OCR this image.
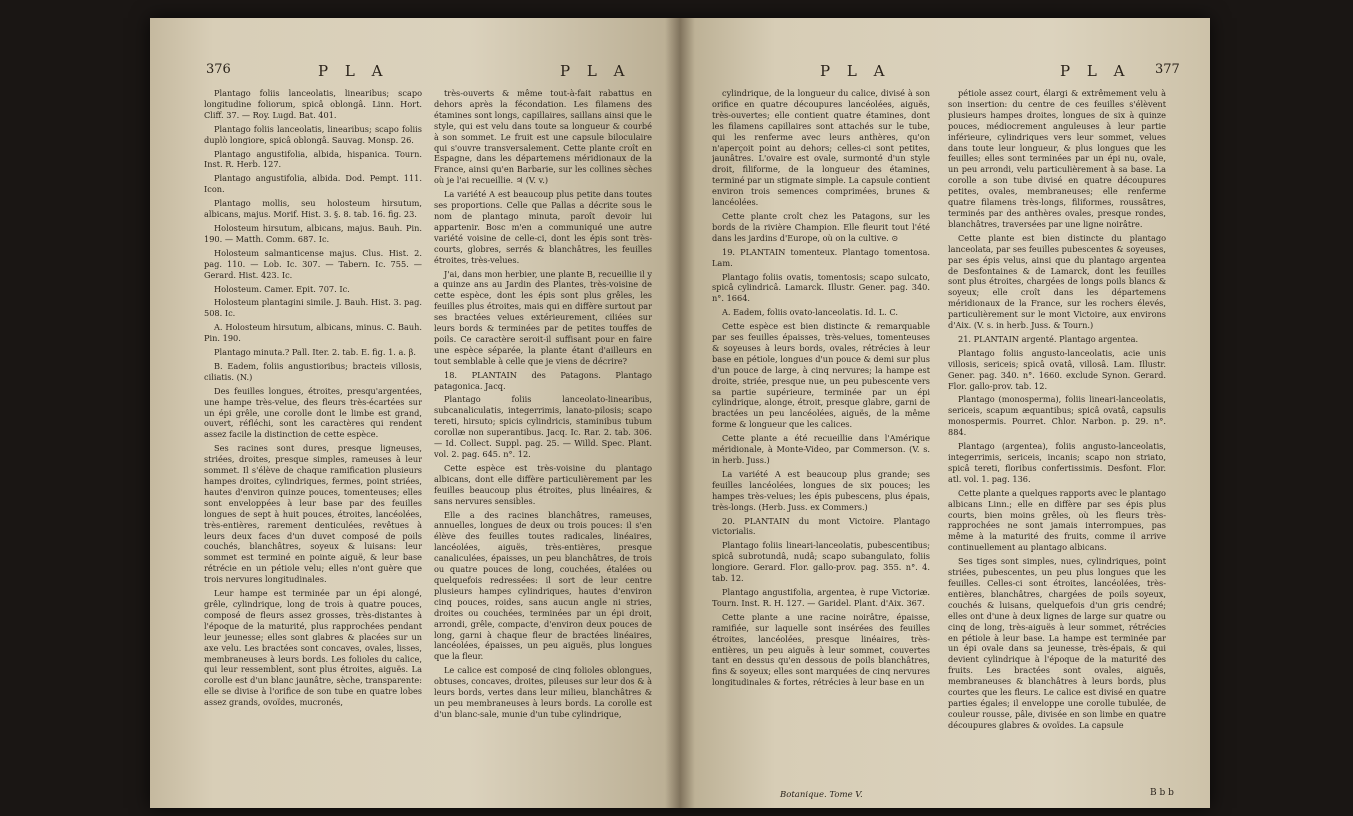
376	P L A	P L A

Plantago foliis lanceolatis, linearibus; scapo longitudine foliorum, spicâ oblongâ. Linn. Hort. Cliff. 37. — Roy. Lugd. Bat. 401.

Plantago foliis lanceolatis, linearibus; scapo foliis duplò longiore, spicâ oblongâ. Sauvag. Monsp. 26.

Plantago angustifolia, albida, hispanica. Tourn. Inst. R. Herb. 127.

Plantago angustifolia, albida. Dod. Pempt. 111. Icon.

Plantago mollis, seu holosteum hirsutum, albicans, majus. Morif. Hist. 3. §. 8. tab. 16. fig. 23.

Holosteum hirsutum, albicans, majus. Bauh. Pin. 190. — Matth. Comm. 687. Ic.

Holosteum salmanticense majus. Clus. Hist. 2. pag. 110. — Lob. Ic. 307. — Tabern. Ic. 755. — Gerard. Hist. 423. Ic.

Holosteum. Camer. Epit. 707. Ic.

Holosteum plantagini simile. J. Bauh. Hist. 3. pag. 508. Ic.

A. Holosteum hirsutum, albicans, minus. C. Bauh. Pin. 190.

Plantago minuta.? Pall. Iter. 2. tab. E. fig. 1. a. β.

B. Eadem, foliis angustioribus; bracteis villosis, ciliatis. (N.)

Des feuilles longues, étroites, presqu'argentées, une hampe très-velue, des fleurs très-écartées sur un épi grêle, une corolle dont le limbe est grand, ouvert, réfléchi, sont les caractères qui rendent assez facile la distinction de cette espèce.

Ses racines sont dures, presque ligneuses, striées, droites, presque simples, rameuses à leur sommet. Il s'élève de chaque ramification plusieurs hampes droites, cylindriques, fermes, point striées, hautes d'environ quinze pouces, tomenteuses; elles sont enveloppées à leur base par des feuilles longues de sept à huit pouces, étroites, lancéolées, très-entières, rarement denticulées, revêtues à leurs deux faces d'un duvet composé de poils couchés, blanchâtres, soyeux & luisans: leur sommet est terminé en pointe aiguë, & leur base rétrécie en un pétiole velu; elles n'ont guère que trois nervures longitudinales.

Leur hampe est terminée par un épi alongé, grêle, cylindrique, long de trois à quatre pouces, composé de fleurs assez grosses, très-distantes à l'époque de la maturité, plus rapprochées pendant leur jeunesse; elles sont glabres & placées sur un axe velu. Les bractées sont concaves, ovales, lisses, membraneuses à leurs bords. Les folioles du calice, qui leur ressemblent, sont plus étroites, aiguës. La corolle est d'un blanc jaunâtre, sèche, transparente: elle se divise à l'orifice de son tube en quatre lobes assez grands, ovoïdes, mucronés,

très-ouverts & même tout-à-fait rabattus en dehors après la fécondation. Les filamens des étamines sont longs, capillaires, saillans ainsi que le style, qui est velu dans toute sa longueur & courbé à son sommet. Le fruit est une capsule biloculaire qui s'ouvre transversalement. Cette plante croît en Espagne, dans les départemens méridionaux de la France, ainsi qu'en Barbarie, sur les collines sèches où je l'ai recueillie. ♃ (V. v.)

La variété A est beaucoup plus petite dans toutes ses proportions. Celle que Pallas a décrite sous le nom de plantago minuta, paroît devoir lui appartenir. Bosc m'en a communiqué une autre variété voisine de celle-ci, dont les épis sont très-courts, globres, serrés & blanchâtres, les feuilles étroites, très-velues.

J'ai, dans mon herbier, une plante B, recueillie il y a quinze ans au Jardin des Plantes, très-voisine de cette espèce, dont les épis sont plus grêles, les feuilles plus étroites, mais qui en diffère surtout par ses bractées velues extérieurement, ciliées sur leurs bords & terminées par de petites touffes de poils. Ce caractère seroit-il suffisant pour en faire une espèce séparée, la plante étant d'ailleurs en tout semblable à celle que je viens de décrire?

18. PLANTAIN des Patagons. Plantago patagonica. Jacq.

Plantago foliis lanceolato-linearibus, subcanaliculatis, integerrimis, lanato-pilosis; scapo tereti, hirsuto; spicis cylindricis, staminibus tubum corollæ non superantibus. Jacq. Ic. Rar. 2. tab. 306. — Id. Collect. Suppl. pag. 25. — Willd. Spec. Plant. vol. 2. pag. 645. n°. 12.

Cette espèce est très-voisine du plantago albicans, dont elle diffère particulièrement par les feuilles beaucoup plus étroites, plus linéaires, & sans nervures sensibles.

Elle a des racines blanchâtres, rameuses, annuelles, longues de deux ou trois pouces: il s'en élève des feuilles toutes radicales, linéaires, lancéolées, aiguës, très-entières, presque canaliculées, épaisses, un peu blanchâtres, de trois ou quatre pouces de long, couchées, étalées ou quelquefois redressées: il sort de leur centre plusieurs hampes cylindriques, hautes d'environ cinq pouces, roides, sans aucun angle ni stries, droites ou couchées, terminées par un épi droit, arrondi, grêle, compacte, d'environ deux pouces de long, garni à chaque fleur de bractées linéaires, lancéolées, épaisses, un peu aiguës, plus longues que la fleur.

Le calice est composé de cinq folioles oblongues, obtuses, concaves, droites, pileuses sur leur dos & à leurs bords, vertes dans leur milieu, blanchâtres & un peu membraneuses à leurs bords. La corolle est d'un blanc-sale, munie d'un tube cylindrique,

P L A	P L A 377

cylindrique, de la longueur du calice, divisé à son orifice en quatre découpures lancéolées, aiguës, très-ouvertes; elle contient quatre étamines, dont les filamens capillaires sont attachés sur le tube, qui les renferme avec leurs anthères, qu'on n'aperçoit point au dehors; celles-ci sont petites, jaunâtres. L'ovaire est ovale, surmonté d'un style droit, filiforme, de la longueur des étamines, terminé par un stigmate simple. La capsule contient environ trois semences comprimées, brunes & lancéolées.

Cette plante croît chez les Patagons, sur les bords de la rivière Champion. Elle fleurit tout l'été dans les jardins d'Europe, où on la cultive. ⊙

19. PLANTAIN tomenteux. Plantago tomentosa. Lam.

Plantago foliis ovatis, tomentosis; scapo sulcato, spicâ cylindricâ. Lamarck. Illustr. Gener. pag. 340. n°. 1664.

A. Eadem, foliis ovato-lanceolatis. Id. L. C.

Cette espèce est bien distincte & remarquable par ses feuilles épaisses, très-velues, tomenteuses & soyeuses à leurs bords, ovales, rétrécies à leur base en pétiole, longues d'un pouce & demi sur plus d'un pouce de large, à cinq nervures; la hampe est droite, striée, presque nue, un peu pubescente vers sa partie supérieure, terminée par un épi cylindrique, alonge, étroit, presque glabre, garni de bractées un peu lancéolées, aiguës, de la même forme & longueur que les calices.

Cette plante a été recueillie dans l'Amérique méridionale, à Monte-Video, par Commerson. (V. s. in herb. Juss.)

La variété A est beaucoup plus grande; ses feuilles lancéolées, longues de six pouces; les hampes très-velues; les épis pubescens, plus épais, très-longs. (Herb. Juss. ex Commers.)

20. PLANTAIN du mont Victoire. Plantago victorialis.

Plantago foliis lineari-lanceolatis, pubescentibus; spicâ subrotundâ, nudâ; scapo subangulato, foliis longiore. Gerard. Flor. gallo-prov. pag. 355. n°. 4. tab. 12.

Plantago angustifolia, argentea, è rupe Victoriæ. Tourn. Inst. R. H. 127. — Garidel. Plant. d'Aix. 367.

Cette plante a une racine noirâtre, épaisse, ramifiée, sur laquelle sont insérées des feuilles étroites, lancéolées, presque linéaires, très-entières, un peu aiguës à leur sommet, couvertes tant en dessus qu'en dessous de poils blanchâtres, fins & soyeux; elles sont marquées de cinq nervures longitudinales & fortes, rétrécies à leur base en un

pétiole assez court, élargi & extrêmement velu à son insertion: du centre de ces feuilles s'élèvent plusieurs hampes droites, longues de six à quinze pouces, médiocrement anguleuses à leur partie inférieure, cylindriques vers leur sommet, velues dans toute leur longueur, & plus longues que les feuilles; elles sont terminées par un épi nu, ovale, un peu arrondi, velu particulièrement à sa base. La corolle a son tube divisé en quatre découpures petites, ovales, membraneuses; elle renferme quatre filamens très-longs, filiformes, roussâtres, terminés par des anthères ovales, presque rondes, blanchâtres, traversées par une ligne noirâtre.

Cette plante est bien distincte du plantago lanceolata, par ses feuilles pubescentes & soyeuses, par ses épis velus, ainsi que du plantago argentea de Desfontaines & de Lamarck, dont les feuilles sont plus étroites, chargées de longs poils blancs & soyeux; elle croît dans les départemens méridionaux de la France, sur les rochers élevés, particulièrement sur le mont Victoire, aux environs d'Aix. (V. s. in herb. Juss. & Tourn.)

21. PLANTAIN argenté. Plantago argentea.

Plantago foliis angusto-lanceolatis, acie unis villosis, sericeis; spicâ ovatâ, villosâ. Lam. Illustr. Gener. pag. 340. n°. 1660. exclude Synon. Gerard. Flor. gallo-prov. tab. 12.

Plantago (monosperma), foliis lineari-lanceolatis, sericeis, scapum æquantibus; spicâ ovatâ, capsulis monospermis. Pourret. Chlor. Narbon. p. 29. n°. 884.

Plantago (argentea), foliis angusto-lanceolatis, integerrimis, sericeis, incanis; scapo non striato, spicâ tereti, floribus confertissimis. Desfont. Flor. atl. vol. 1. pag. 136.

Cette plante a quelques rapports avec le plantago albicans Linn.; elle en diffère par ses épis plus courts, bien moins grêles, où les fleurs très-rapprochées ne sont jamais interrompues, pas même à la maturité des fruits, comme il arrive continuellement au plantago albicans.

Ses tiges sont simples, nues, cylindriques, point striées, pubescentes, un peu plus longues que les feuilles. Celles-ci sont étroites, lancéolées, très-entières, blanchâtres, chargées de poils soyeux, couchés & luisans, quelquefois d'un gris cendré; elles ont d'une à deux lignes de large sur quatre ou cinq de long, très-aiguës à leur sommet, rétrécies en pétiole à leur base. La hampe est terminée par un épi ovale dans sa jeunesse, très-épais, & qui devient cylindrique à l'époque de la maturité des fruits. Les bractées sont ovales, aiguës, membraneuses & blanchâtres à leurs bords, plus courtes que les fleurs. Le calice est divisé en quatre parties égales; il enveloppe une corolle tubulée, de couleur rousse, pâle, divisée en son limbe en quatre découpures glabres & ovoïdes. La capsule

Botanique. Tome V.	B b b
